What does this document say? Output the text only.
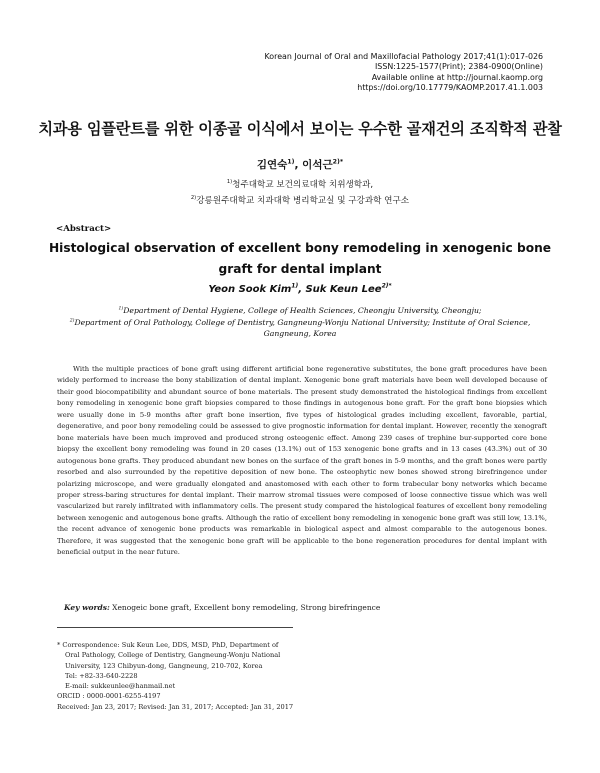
Korean Journal of Oral and Maxillofacial Pathology 2017;41(1):017-026
ISSN:1225-1577(Print); 2384-0900(Online)
Available online at http://journal.kaomp.org
https://doi.org/10.17779/KAOMP.2017.41.1.003
치과용 임플란트를 위한 이종골 이식에서 보이는 우수한 골재건의 조직학적 관찰
김연숙$^{1)}$, 이석근$^{2)*}$
$^{1)}$청주대학교 보건의료대학 치위생학과,
$^{2)}$강릉원주대학교 치과대학 병리학교실 및 구강과학 연구소
<Abstract>
Histological observation of excellent bony remodeling in xenogenic bone graft for dental implant
Yeon Sook Kim$^{1)}$, Suk Keun Lee$^{2)*}$
$^{1)}$Department of Dental Hygiene, College of Health Sciences, Cheongju University, Cheongju;
$^{2)}$Department of Oral Pathology, College of Dentistry, Gangneung-Wonju National University; Institute of Oral Science,
Gangneung, Korea
With the multiple practices of bone graft using different artificial bone regenerative substitutes, the bone graft procedures have been widely performed to increase the bony stabilization of dental implant. Xenogenic bone graft materials have been well developed because of their good biocompatibility and abundant source of bone materials. The present study demonstrated the histological findings from excellent bony remodeling in xenogenic bone graft biopsies compared to those findings in autogenous bone graft. For the graft bone biopsies which were usually done in 5-9 months after graft bone insertion, five types of histological grades including excellent, favorable, partial, degenerative, and poor bony remodeling could be assessed to give prognostic information for dental implant. However, recently the xenograft bone materials have been much improved and produced strong osteogenic effect. Among 239 cases of trephine bur-supported core bone biopsy the excellent bony remodeling was found in 20 cases (13.1%) out of 153 xenogenic bone grafts and in 13 cases (43.3%) out of 30 autogenous bone grafts. They produced abundant new bones on the surface of the graft bones in 5-9 months, and the graft bones were partly resorbed and also surrounded by the repetitive deposition of new bone. The osteophytic new bones showed strong birefringence under polarizing microscope, and were gradually elongated and anastomosed with each other to form trabecular bony networks which became proper stress-baring structures for dental implant. Their marrow stromal tissues were composed of loose connective tissue which was well vascularized but rarely infiltrated with inflammatory cells. The present study compared the histological features of excellent bony remodeling between xenogenic and autogenous bone grafts. Although the ratio of excellent bony remodeling in xenogenic bone graft was still low, 13.1%, the recent advance of xenogenic bone products was remarkable in biological aspect and almost comparable to the autogenous bones. Therefore, it was suggested that the xenogenic bone graft will be applicable to the bone regeneration procedures for dental implant with beneficial output in the near future.
Key words: Xenogeic bone graft, Excellent bony remodeling, Strong birefringence
* Correspondence: Suk Keun Lee, DDS, MSD, PhD, Department of
Oral Pathology, College of Dentistry, Gangneung-Wonju National
University, 123 Chibyun-dong, Gangneung, 210-702, Korea
Tel: +82-33-640-2228
E-mail: sukkeunlee@hanmail.net
ORCID : 0000-0001-6255-4197
Received: Jan 23, 2017; Revised: Jan 31, 2017; Accepted: Jan 31, 2017
